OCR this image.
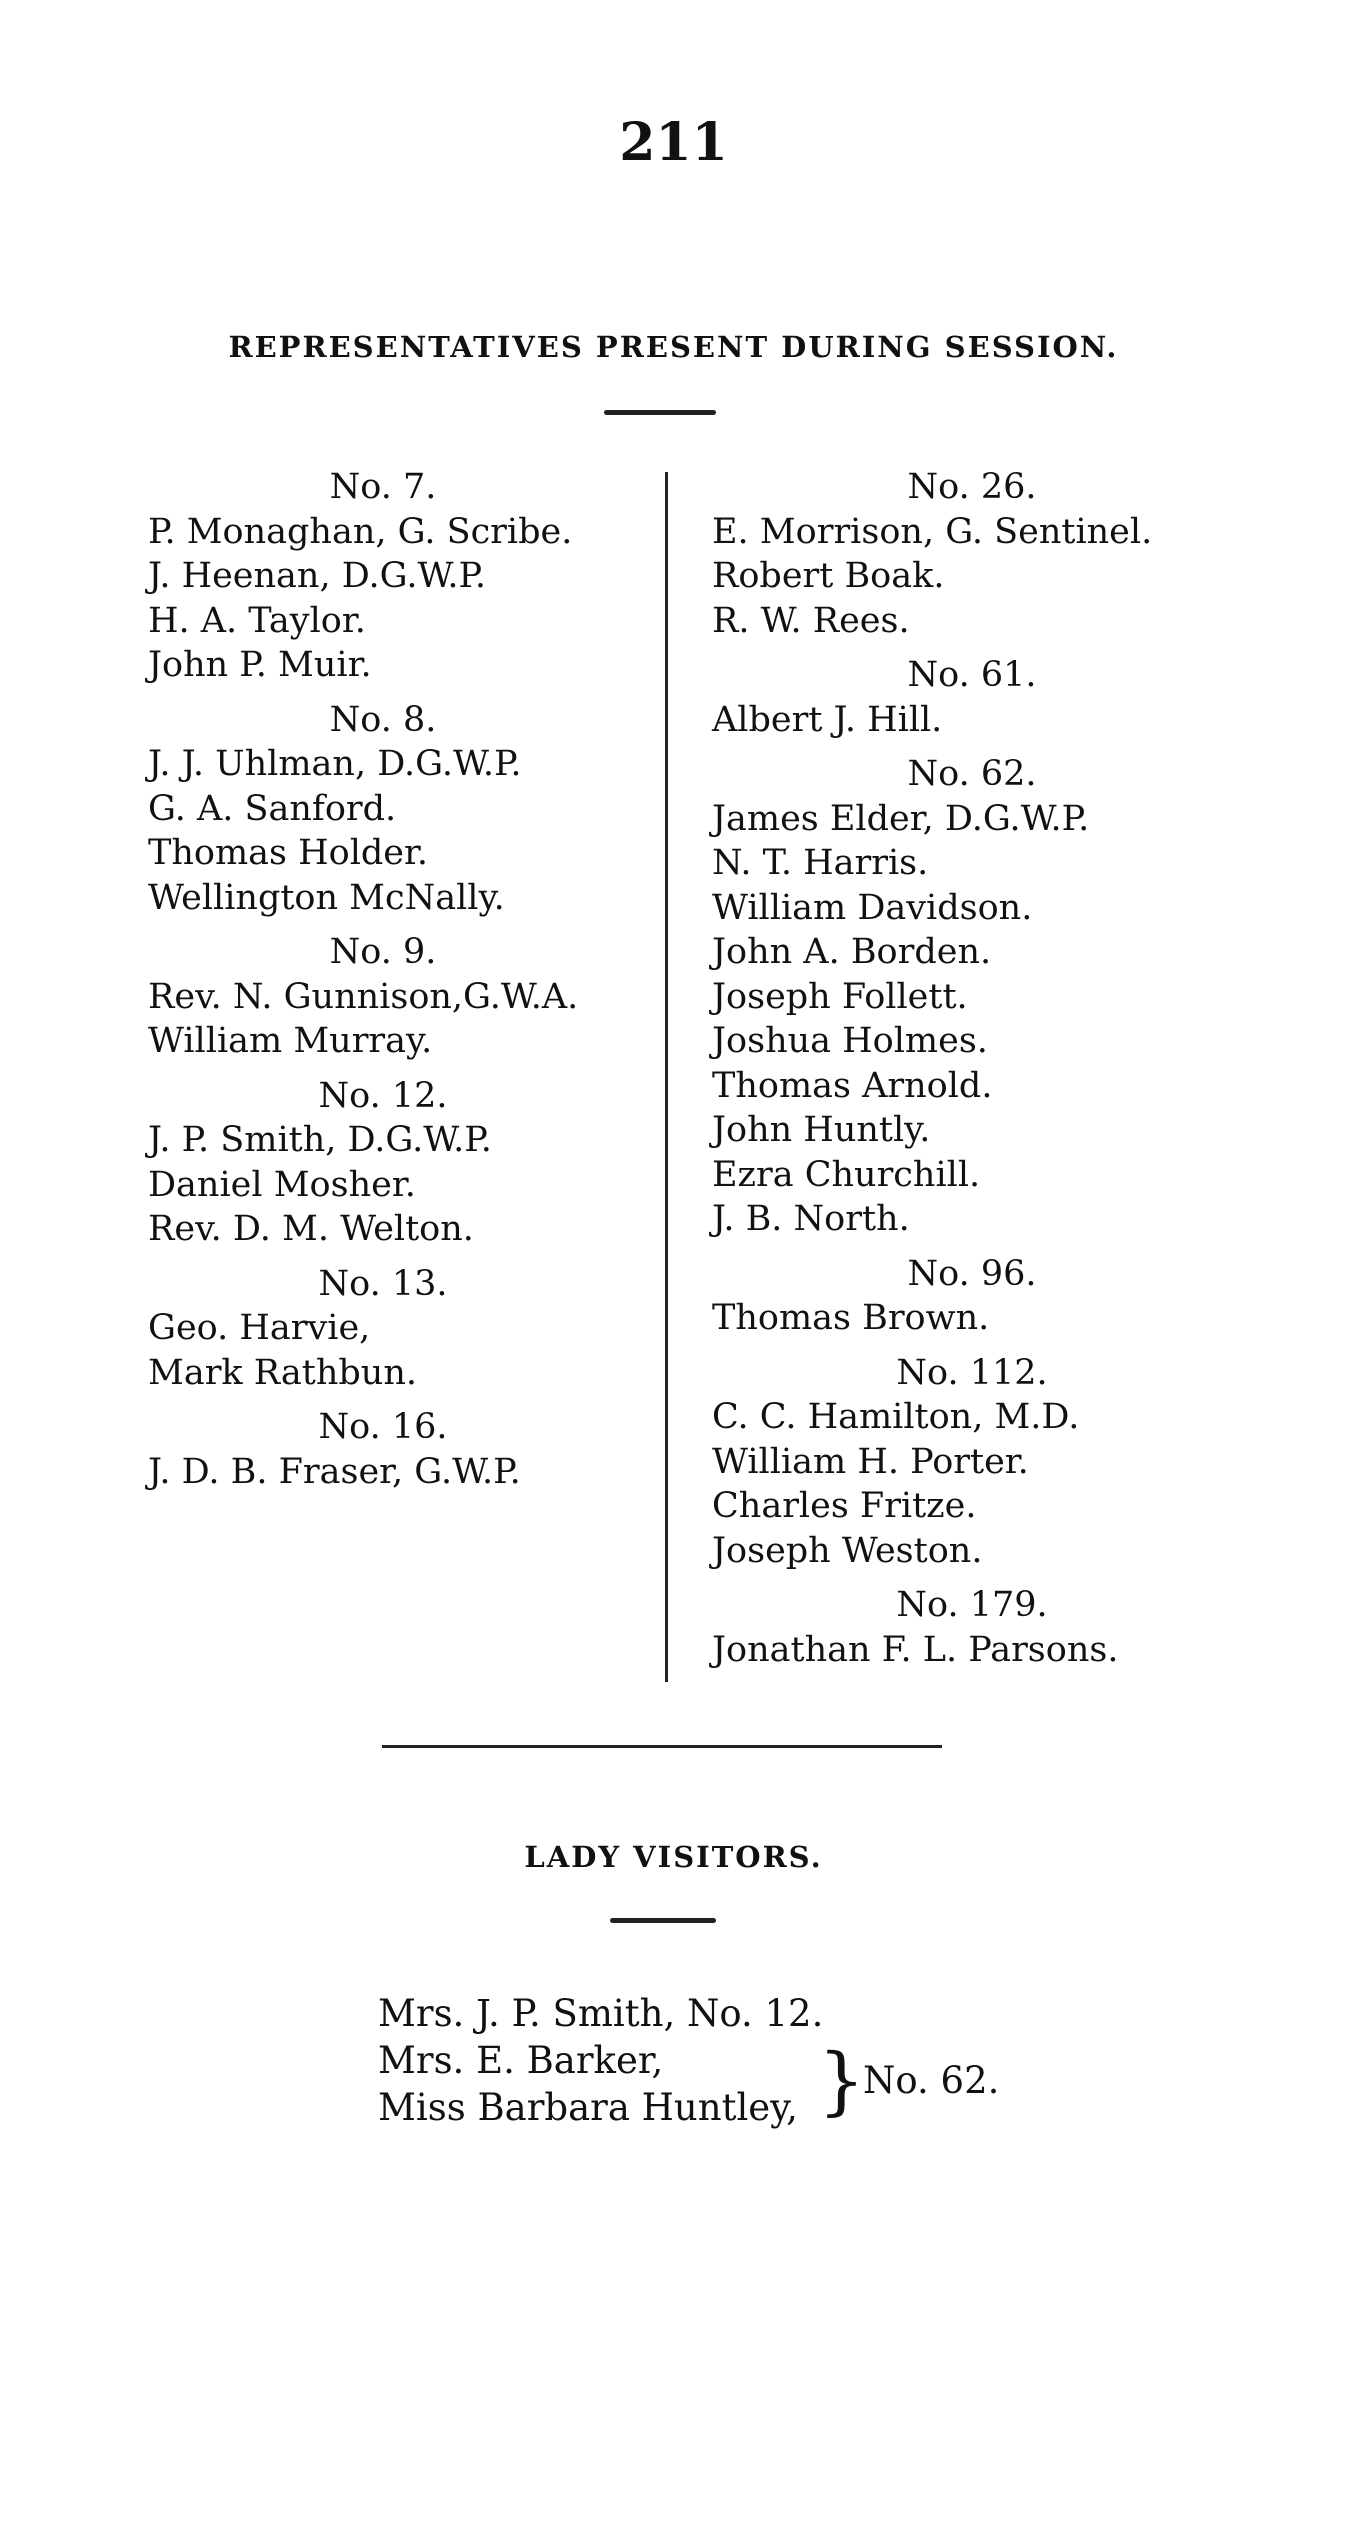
211
REPRESENTATIVES PRESENT DURING SESSION.
No. 7.
P. Monaghan, G. Scribe.
J. Heenan, D.G.W.P.
H. A. Taylor.
John P. Muir.
No. 8.
J. J. Uhlman, D.G.W.P.
G. A. Sanford.
Thomas Holder.
Wellington McNally.
No. 9.
Rev. N. Gunnison,G.W.A.
William Murray.
No. 12.
J. P. Smith, D.G.W.P.
Daniel Mosher.
Rev. D. M. Welton.
No. 13.
Geo. Harvie,
Mark Rathbun.
No. 16.
J. D. B. Fraser, G.W.P.
No. 26.
E. Morrison, G. Sentinel.
Robert Boak.
R. W. Rees.
No. 61.
Albert J. Hill.
No. 62.
James Elder, D.G.W.P.
N. T. Harris.
William Davidson.
John A. Borden.
Joseph Follett.
Joshua Holmes.
Thomas Arnold.
John Huntly.
Ezra Churchill.
J. B. North.
No. 96.
Thomas Brown.
No. 112.
C. C. Hamilton, M.D.
William H. Porter.
Charles Fritze.
Joseph Weston.
No. 179.
Jonathan F. L. Parsons.
LADY VISITORS.
Mrs. J. P. Smith, No. 12.
Mrs. E. Barker,
Miss Barbara Huntley, }
No. 62.
